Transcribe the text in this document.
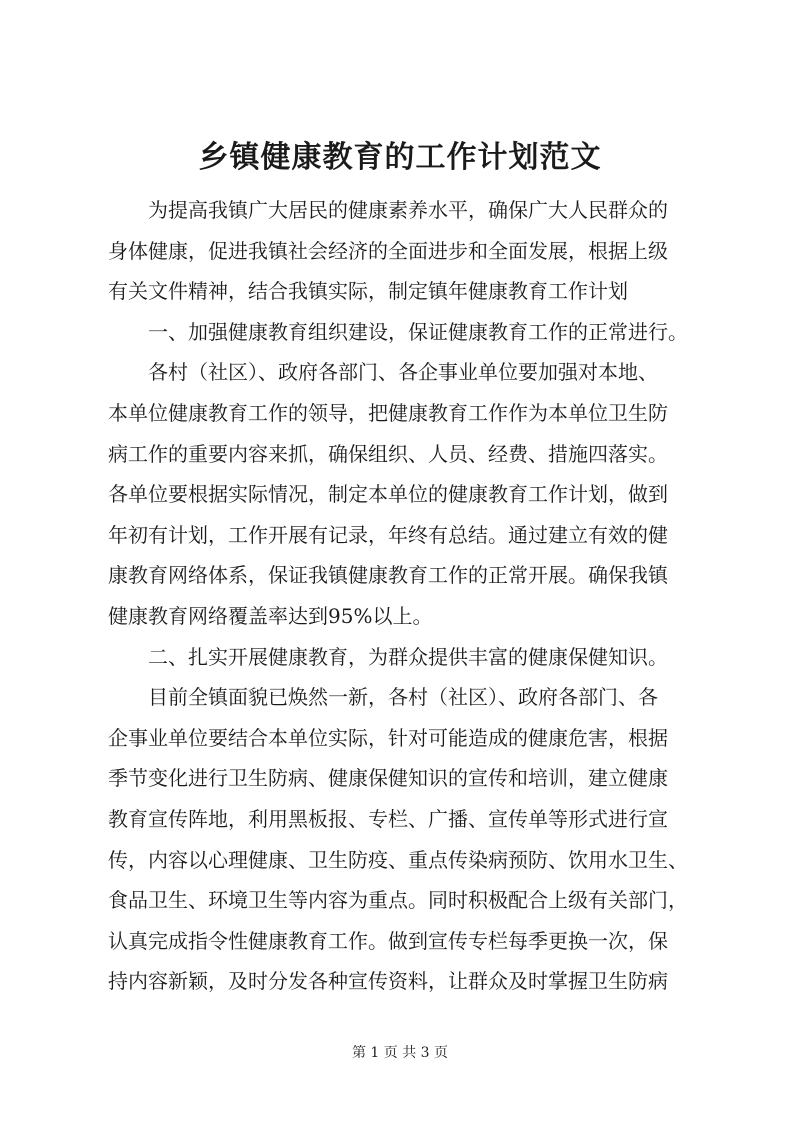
乡镇健康教育的工作计划范文
为提高我镇广大居民的健康素养水平，确保广大人民群众的
身体健康，促进我镇社会经济的全面进步和全面发展，根据上级
有关文件精神，结合我镇实际，制定镇年健康教育工作计划
一、加强健康教育组织建设，保证健康教育工作的正常进行。
各村（社区）、政府各部门、各企事业单位要加强对本地、
本单位健康教育工作的领导，把健康教育工作作为本单位卫生防
病工作的重要内容来抓，确保组织、人员、经费、措施四落实。
各单位要根据实际情况，制定本单位的健康教育工作计划，做到
年初有计划，工作开展有记录，年终有总结。通过建立有效的健
康教育网络体系，保证我镇健康教育工作的正常开展。确保我镇
健康教育网络覆盖率达到95%以上。
二、扎实开展健康教育，为群众提供丰富的健康保健知识。
目前全镇面貌已焕然一新，各村（社区）、政府各部门、各
企事业单位要结合本单位实际，针对可能造成的健康危害，根据
季节变化进行卫生防病、健康保健知识的宣传和培训，建立健康
教育宣传阵地，利用黑板报、专栏、广播、宣传单等形式进行宣
传，内容以心理健康、卫生防疫、重点传染病预防、饮用水卫生、
食品卫生、环境卫生等内容为重点。同时积极配合上级有关部门，
认真完成指令性健康教育工作。做到宣传专栏每季更换一次，保
持内容新颖，及时分发各种宣传资料，让群众及时掌握卫生防病
第 1 页 共 3 页
